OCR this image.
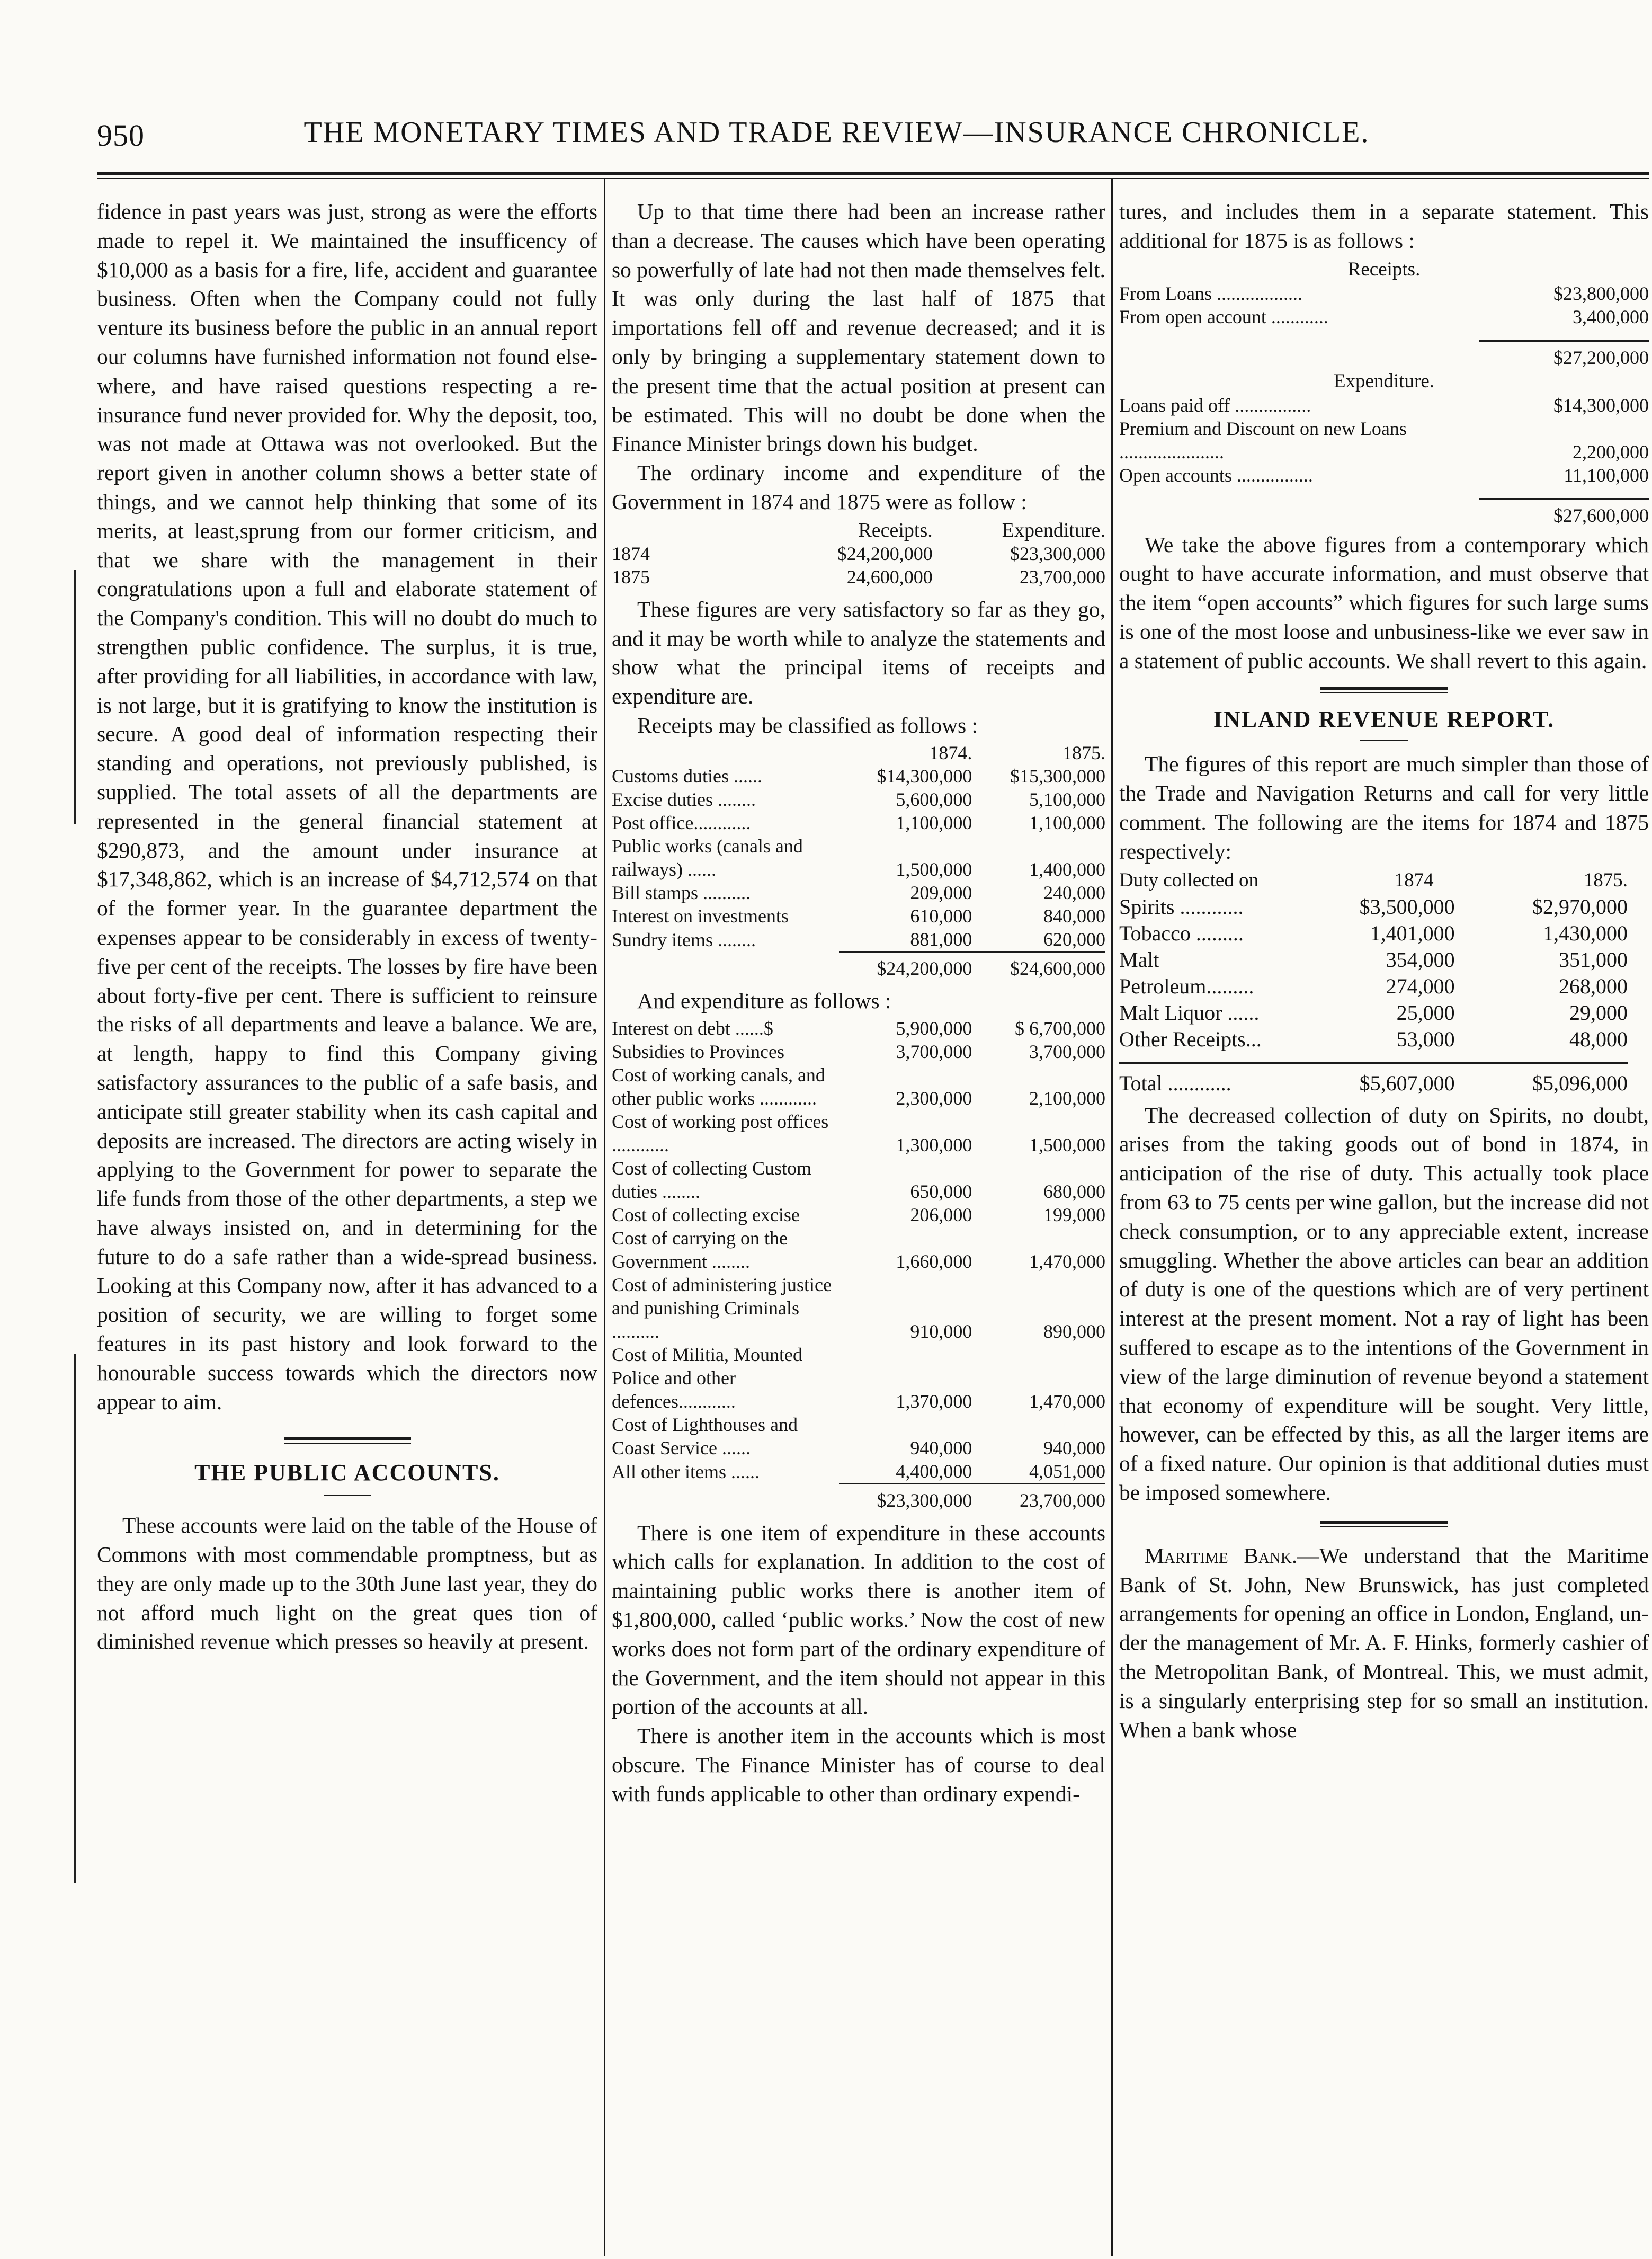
950	THE MONETARY TIMES AND TRADE REVIEW—INSURANCE CHRONICLE.

fidence in past years was just, strong as were the efforts made to repel it. We maintained the insufficency of $10,000 as a basis for a fire, life, accident and guarantee business. Often when the Company could not fully venture its business before the public in an annual report our columns have furnished information not found elsewhere, and have raised questions respecting a re-insurance fund never provided for. Why the deposit, too, was not made at Ottawa was not overlooked. But the report given in another column shows a better state of things, and we cannot help thinking that some of its merits, at least,sprung from our former criticism, and that we share with the management in their congratulations upon a full and elaborate statement of the Company's condition. This will no doubt do much to strengthen public confidence. The surplus, it is true, after providing for all liabilities, in accordance with law, is not large, but it is gratifying to know the institution is secure. A good deal of information respecting their standing and operations, not previously published, is supplied. The total assets of all the departments are represented in the general financial statement at $290,873, and the amount under insurance at $17,348,862, which is an increase of $4,712,574 on that of the former year. In the guarantee department the expenses appear to be considerably in excess of twenty-five per cent of the receipts. The losses by fire have been about forty-five per cent. There is sufficient to reinsure the risks of all departments and leave a balance. We are, at length, happy to find this Company giving satisfactory assurances to the public of a safe basis, and anticipate still greater stability when its cash capital and deposits are increased. The directors are acting wisely in applying to the Government for power to separate the life funds from those of the other departments, a step we have always insisted on, and in determining for the future to do a safe rather than a wide-spread business. Looking at this Company now, after it has advanced to a position of security, we are willing to forget some features in its past history and look forward to the honourable success towards which the directors now appear to aim.

THE PUBLIC ACCOUNTS.

These accounts were laid on the table of the House of Commons with most commendable promptness, but as they are only made up to the 30th June last year, they do not afford much light on the great ques tion of diminished revenue which presses so heavily at present.

Up to that time there had been an increase rather than a decrease. The causes which have been operating so powerfully of late had not then made themselves felt. It was only during the last half of 1875 that importations fell off and revenue decreased; and it is only by bringing a supplementary statement down to the present time that the actual position at present can be estimated. This will no doubt be done when the Finance Minister brings down his budget.

The ordinary income and expenditure of the Government in 1874 and 1875 were as follow :

	Receipts.	Expenditure.
1874	$24,200,000	$23,300,000
1875	24,600,000	23,700,000

These figures are very satisfactory so far as they go, and it may be worth while to analyze the statements and show what the principal items of receipts and expenditure are.

Receipts may be classified as follows :

	1874.	1875.
Customs duties ......	$14,300,000	$15,300,000
Excise duties ........	5,600,000	5,100,000
Post office............	1,100,000	1,100,000
Public works (canals and railways) ......	1,500,000	1,400,000
Bill stamps ..........	209,000	240,000
Interest on investments	610,000	840,000
Sundry items ........	881,000	620,000
	$24,200,000	$24,600,000

And expenditure as follows :

Interest on debt ......$	5,900,000	$ 6,700,000
Subsidies to Provinces	3,700,000	3,700,000
Cost of working canals, and other public works ............	2,300,000	2,100,000
Cost of working post offices ............	1,300,000	1,500,000
Cost of collecting Custom duties ........	650,000	680,000
Cost of collecting excise	206,000	199,000
Cost of carrying on the Government ........	1,660,000	1,470,000
Cost of administering justice and punishing Criminals ..........	910,000	890,000
Cost of Militia, Mounted Police and other defences............	1,370,000	1,470,000
Cost of Lighthouses and Coast Service ......	940,000	940,000
All other items ......	4,400,000	4,051,000
	$23,300,000	23,700,000

There is one item of expenditure in these accounts which calls for explanation. In addition to the cost of maintaining public works there is another item of $1,800,000, called ‘public works.’ Now the cost of new works does not form part of the ordinary expenditure of the Government, and the item should not appear in this portion of the accounts at all.

There is another item in the accounts which is most obscure. The Finance Minister has of course to deal with funds applicable to other than ordinary expendi-

tures, and includes them in a separate statement. This additional for 1875 is as follows :

Receipts.
From Loans ..................	$23,800,000
From open account ............	3,400,000

	$27,200,000
Expenditure.
Loans paid off ................	$14,300,000
Premium and Discount on new Loans ......................	2,200,000
Open accounts ................	11,100,000

	$27,600,000

We take the above figures from a contemporary which ought to have accurate information, and must observe that the item “open accounts” which figures for such large sums is one of the most loose and unbusiness-like we ever saw in a statement of public accounts. We shall revert to this again.

INLAND REVENUE REPORT.

The figures of this report are much simpler than those of the Trade and Navigation Returns and call for very little comment. The following are the items for 1874 and 1875 respectively:

Duty collected on	1874	1875.
Spirits ............	$3,500,000	$2,970,000
Tobacco .........	1,401,000	1,430,000
Malt	354,000	351,000
Petroleum.........	274,000	268,000
Malt Liquor ......	25,000	29,000
Other Receipts...	53,000	48,000

Total ............	$5,607,000	$5,096,000

The decreased collection of duty on Spirits, no doubt, arises from the taking goods out of bond in 1874, in anticipation of the rise of duty. This actually took place from 63 to 75 cents per wine gallon, but the increase did not check consumption, or to any appreciable extent, increase smuggling. Whether the above articles can bear an addition of duty is one of the questions which are of very pertinent interest at the present moment. Not a ray of light has been suffered to escape as to the intentions of the Government in view of the large diminution of revenue beyond a statement that economy of expenditure will be sought. Very little, however, can be effected by this, as all the larger items are of a fixed nature. Our opinion is that additional duties must be imposed somewhere.

Maritime Bank.—We understand that the Maritime Bank of St. John, New Brunswick, has just completed arrangements for opening an office in London, England, under the management of Mr. A. F. Hinks, formerly cashier of the Metropolitan Bank, of Montreal. This, we must admit, is a singularly enterprising step for so small an institution. When a bank whose
